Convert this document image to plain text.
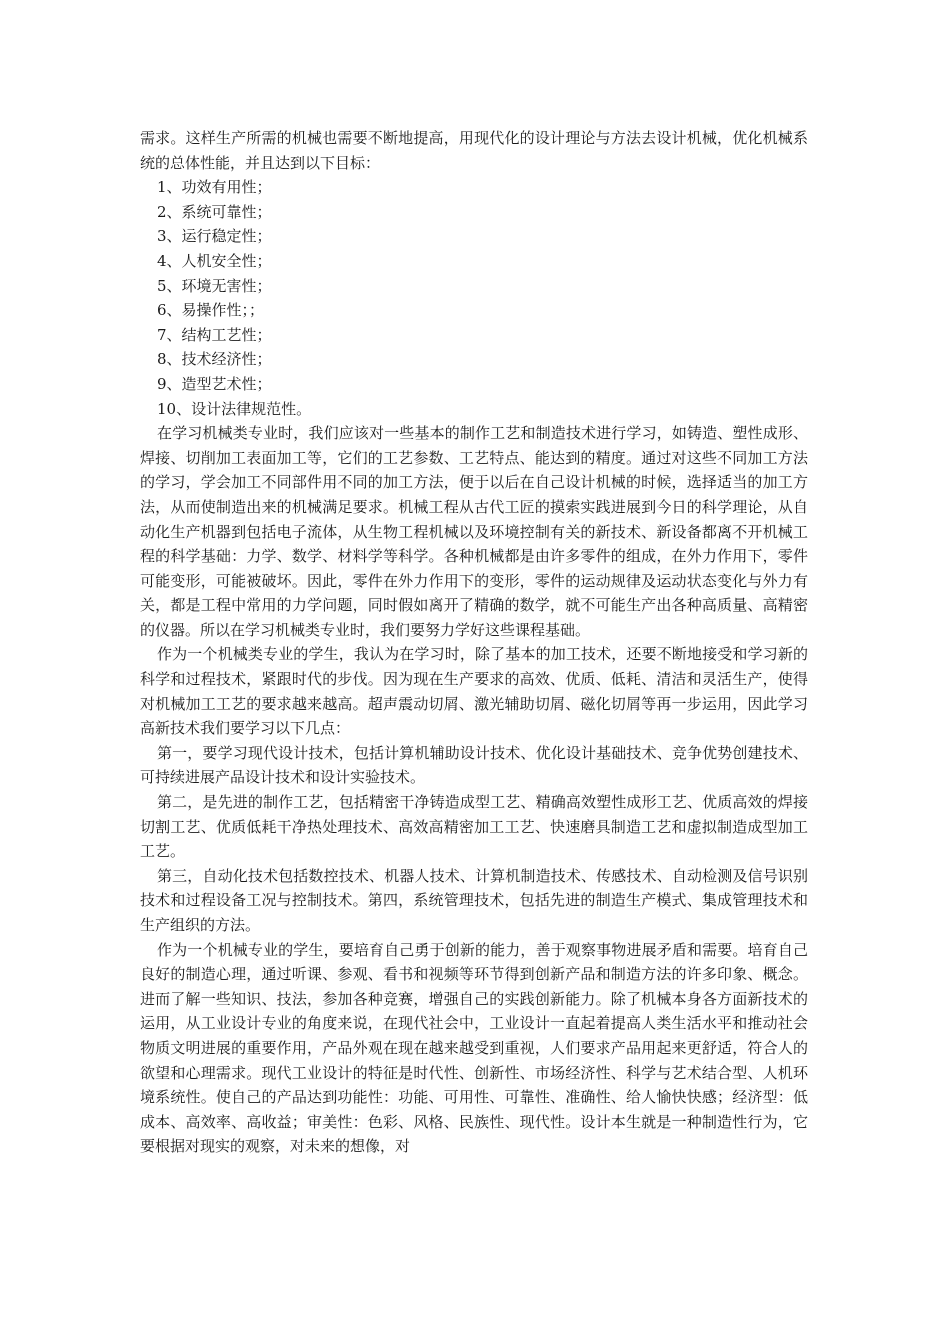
需求。这样生产所需的机械也需要不断地提高，用现代化的设计理论与方法去设计机械，优化机械系统的总体性能，并且达到以下目标：

1、功效有用性；

2、系统可靠性；

3、运行稳定性；

4、人机安全性；

5、环境无害性；

6、易操作性；；

7、结构工艺性；

8、技术经济性；

9、造型艺术性；

10、设计法律规范性。

在学习机械类专业时，我们应该对一些基本的制作工艺和制造技术进行学习，如铸造、塑性成形、焊接、切削加工表面加工等，它们的工艺参数、工艺特点、能达到的精度。通过对这些不同加工方法的学习，学会加工不同部件用不同的加工方法，便于以后在自己设计机械的时候，选择适当的加工方法，从而使制造出来的机械满足要求。机械工程从古代工匠的摸索实践进展到今日的科学理论，从自动化生产机器到包括电子流体，从生物工程机械以及环境控制有关的新技术、新设备都离不开机械工程的科学基础：力学、数学、材料学等科学。各种机械都是由许多零件的组成，在外力作用下，零件可能变形，可能被破坏。因此，零件在外力作用下的变形，零件的运动规律及运动状态变化与外力有关，都是工程中常用的力学问题，同时假如离开了精确的数学，就不可能生产出各种高质量、高精密的仪器。所以在学习机械类专业时，我们要努力学好这些课程基础。

作为一个机械类专业的学生，我认为在学习时，除了基本的加工技术，还要不断地接受和学习新的科学和过程技术，紧跟时代的步伐。因为现在生产要求的高效、优质、低耗、清洁和灵活生产，使得对机械加工工艺的要求越来越高。超声震动切屑、激光辅助切屑、磁化切屑等再一步运用，因此学习高新技术我们要学习以下几点：

第一，要学习现代设计技术，包括计算机辅助设计技术、优化设计基础技术、竞争优势创建技术、可持续进展产品设计技术和设计实验技术。

第二，是先进的制作工艺，包括精密干净铸造成型工艺、精确高效塑性成形工艺、优质高效的焊接切割工艺、优质低耗干净热处理技术、高效高精密加工工艺、快速磨具制造工艺和虚拟制造成型加工工艺。

第三，自动化技术包括数控技术、机器人技术、计算机制造技术、传感技术、自动检测及信号识别技术和过程设备工况与控制技术。第四，系统管理技术，包括先进的制造生产模式、集成管理技术和生产组织的方法。

作为一个机械专业的学生，要培育自己勇于创新的能力，善于观察事物进展矛盾和需要。培育自己良好的制造心理，通过听课、参观、看书和视频等环节得到创新产品和制造方法的许多印象、概念。进而了解一些知识、技法，参加各种竞赛，增强自己的实践创新能力。除了机械本身各方面新技术的运用，从工业设计专业的角度来说，在现代社会中，工业设计一直起着提高人类生活水平和推动社会物质文明进展的重要作用，产品外观在现在越来越受到重视，人们要求产品用起来更舒适，符合人的欲望和心理需求。现代工业设计的特征是时代性、创新性、市场经济性、科学与艺术结合型、人机环境系统性。使自己的产品达到功能性：功能、可用性、可靠性、准确性、给人愉快快感；经济型：低成本、高效率、高收益；审美性：色彩、风格、民族性、现代性。设计本生就是一种制造性行为，它要根据对现实的观察，对未来的想像，对
